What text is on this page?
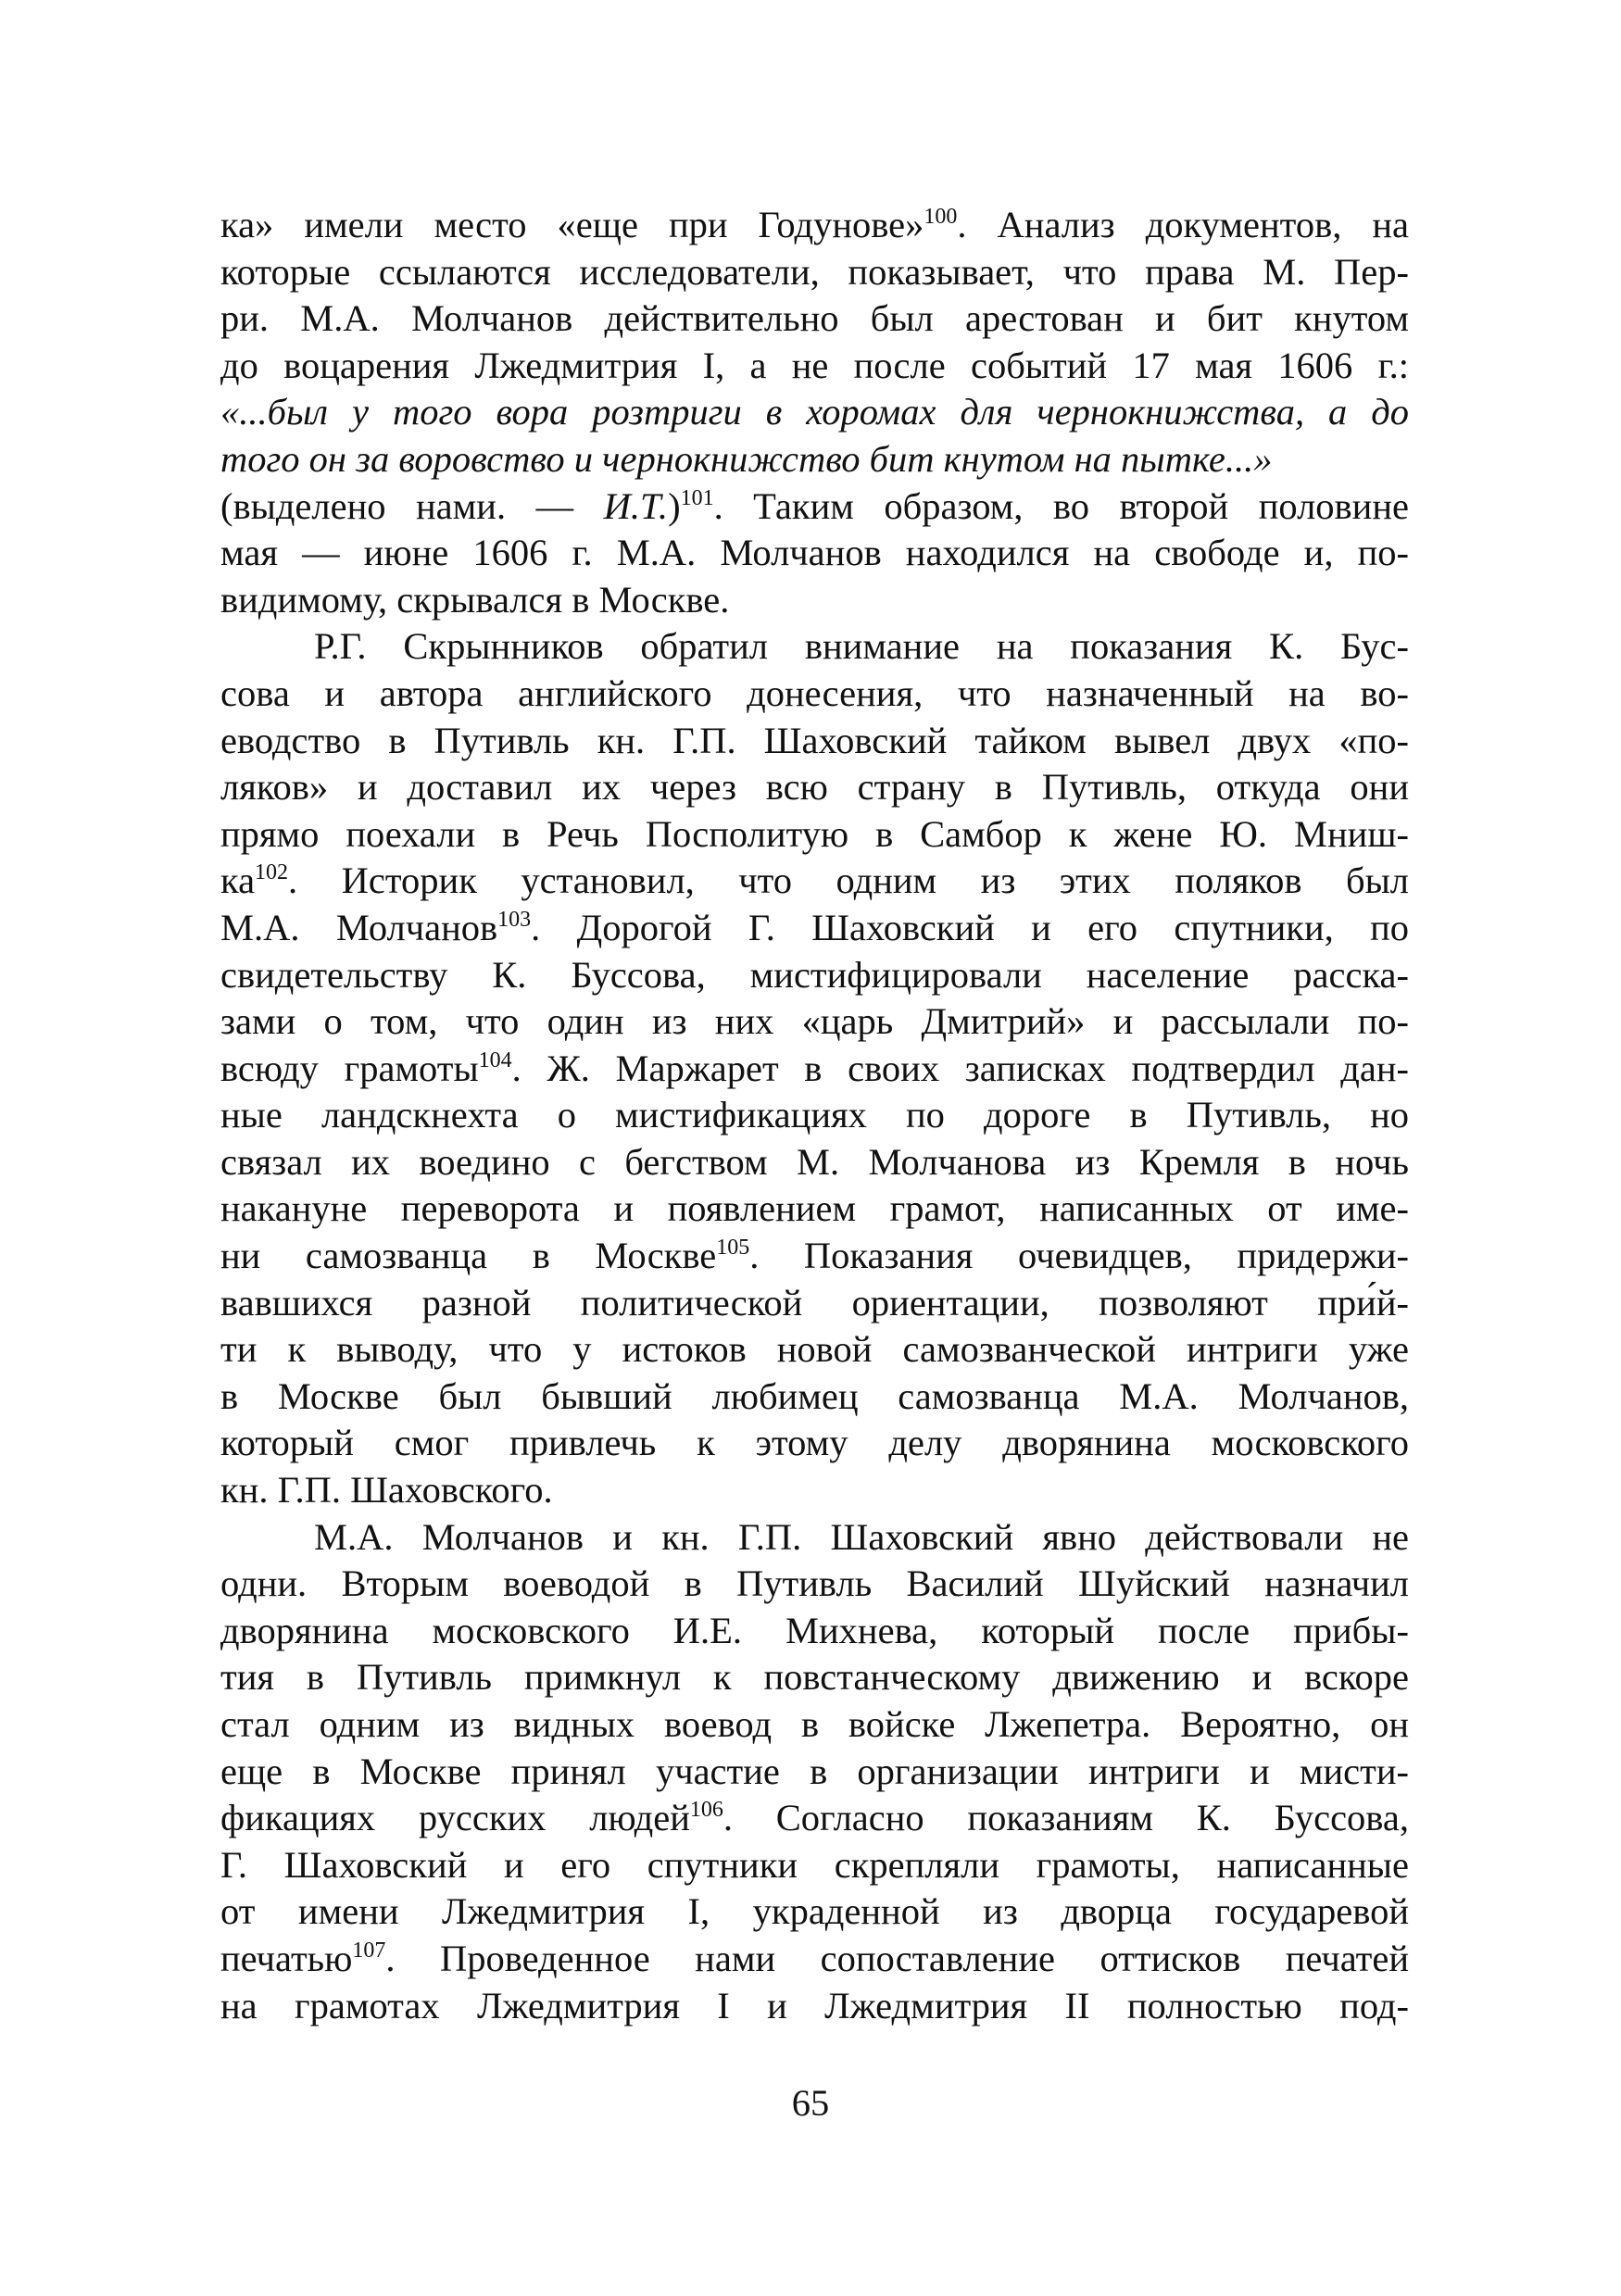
ка» имели место «еще при Годунове»$^{100}$. Анализ документов, на
которые ссылаются исследователи, показывает, что права М. Пер-
ри. М.А. Молчанов действительно был арестован и бит кнутом
до воцарения Лжедмитрия I, а не после событий 17 мая 1606 г.:
«...был у того вора розтриги в хоромах для чернокнижства, а до
того он за воровство и чернокнижство бит кнутом на пытке...»
(выделено нами. — И.Т.)$^{101}$. Таким образом, во второй половине
мая — июне 1606 г. М.А. Молчанов находился на свободе и, по-
видимому, скрывался в Москве.
Р.Г. Скрынников обратил внимание на показания К. Бус-
сова и автора английского донесения, что назначенный на во-
еводство в Путивль кн. Г.П. Шаховский тайком вывел двух «по-
ляков» и доставил их через всю страну в Путивль, откуда они
прямо поехали в Речь Посполитую в Самбор к жене Ю. Мниш-
$ка^{102}$. Историк установил, что одним из этих поляков был
М.А. Молчанов$^{103}$. Дорогой Г. Шаховский и его спутники, по
свидетельству К. Буссова, мистифицировали население расска-
зами о том, что один из них «царь Дмитрий» и рассылали по-
всюду грамоты$^{104}$. Ж. Маржарет в своих записках подтвердил дан-
ные ландскнехта о мистификациях по дороге в Путивль, но
связал их воедино с бегством М. Молчанова из Кремля в ночь
накануне переворота и появлением грамот, написанных от име-
ни самозванца в Москве$^{105}$. Показания очевидцев, придержи-
вавшихся разной политической ориентации, позволяют при́й-
ти к выводу, что у истоков новой самозванческой интриги уже
в Москве был бывший любимец самозванца М.А. Молчанов,
который смог привлечь к этому делу дворянина московского
кн. Г.П. Шаховского.
М.А. Молчанов и кн. Г.П. Шаховский явно действовали не
одни. Вторым воеводой в Путивль Василий Шуйский назначил
дворянина московского И.Е. Михнева, который после прибы-
тия в Путивль примкнул к повстанческому движению и вскоре
стал одним из видных воевод в войске Лжепетра. Вероятно, он
еще в Москве принял участие в организации интриги и мисти-
фикациях русских людей$^{106}$. Согласно показаниям К. Буссова,
Г. Шаховский и его спутники скрепляли грамоты, написанные
от имени Лжедмитрия I, украденной из дворца государевой
печатью$^{107}$. Проведенное нами сопоставление оттисков печатей
на грамотах Лжедмитрия I и Лжедмитрия II полностью под-
65
